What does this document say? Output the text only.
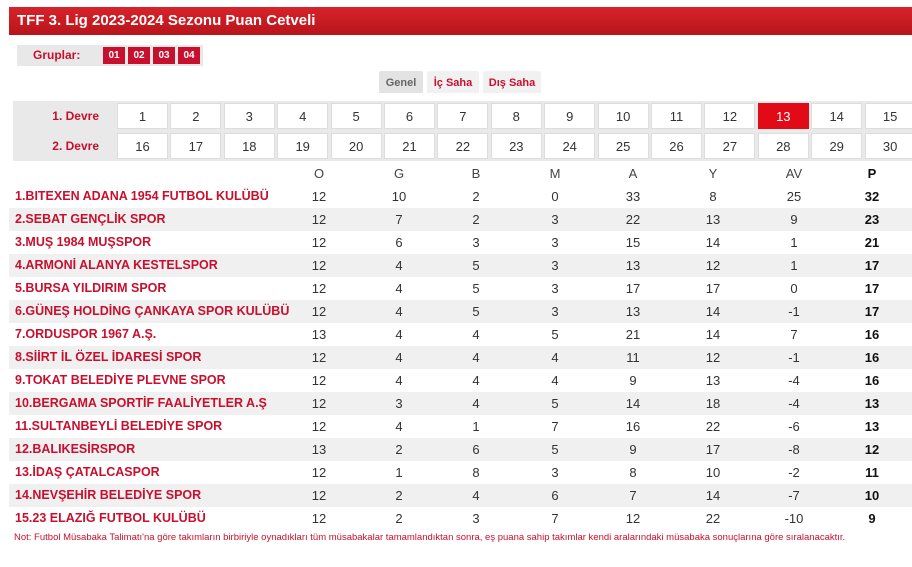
TFF 3. Lig 2023-2024 Sezonu Puan Cetveli
Gruplar:	01	02	03	04
Genel	İç Saha	Dış Saha
1. Devre	1	2	3	4	5	6	7	8	9	10	11	12	13	14	15
2. Devre	16	17	18	19	20	21	22	23	24	25	26	27	28	29	30
O	G	B	M	A	Y	AV	P
1.BITEXEN ADANA 1954 FUTBOL KULÜBÜ	12	10	2	0	33	8	25	32
2.SEBAT GENÇLİK SPOR	12	7	2	3	22	13	9	23
3.MUŞ 1984 MUŞSPOR	12	6	3	3	15	14	1	21
4.ARMONİ ALANYA KESTELSPOR	12	4	5	3	13	12	1	17
5.BURSA YILDIRIM SPOR	12	4	5	3	17	17	0	17
6.GÜNEŞ HOLDİNG ÇANKAYA SPOR KULÜBÜ	12	4	5	3	13	14	-1	17
7.ORDUSPOR 1967 A.Ş.	13	4	4	5	21	14	7	16
8.SİİRT İL ÖZEL İDARESİ SPOR	12	4	4	4	11	12	-1	16
9.TOKAT BELEDİYE PLEVNE SPOR	12	4	4	4	9	13	-4	16
10.BERGAMA SPORTİF FAALİYETLER A.Ş	12	3	4	5	14	18	-4	13
11.SULTANBEYLİ BELEDİYE SPOR	12	4	1	7	16	22	-6	13
12.BALIKESİRSPOR	13	2	6	5	9	17	-8	12
13.İDAŞ ÇATALCASPOR	12	1	8	3	8	10	-2	11
14.NEVŞEHİR BELEDİYE SPOR	12	2	4	6	7	14	-7	10
15.23 ELAZIĞ FUTBOL KULÜBÜ	12	2	3	7	12	22	-10	9
Not: Futbol Müsabaka Talimatı'na göre takımların birbiriyle oynadıkları tüm müsabakalar tamamlandıktan sonra, eş puana sahip takımlar kendi aralarındaki müsabaka sonuçlarına göre sıralanacaktır.
